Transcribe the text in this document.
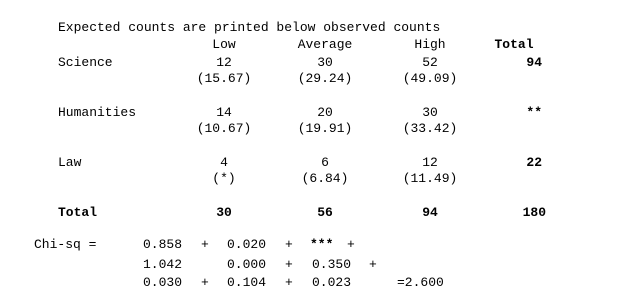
Expected counts are printed below observed counts
Low	Average	High	Total
Science	12	30	52	94
(15.67)	(29.24)	(49.09)
Humanities	14	20	30	**
(10.67)	(19.91)	(33.42)
Law	4	6	12	22
(*)	(6.84)	(11.49)
Total	30	56	94	180
Chi-sq =	0.858 + 0.020 + *** +
1.042	0.000 + 0.350 +
0.030 + 0.104 + 0.023	=2.600
